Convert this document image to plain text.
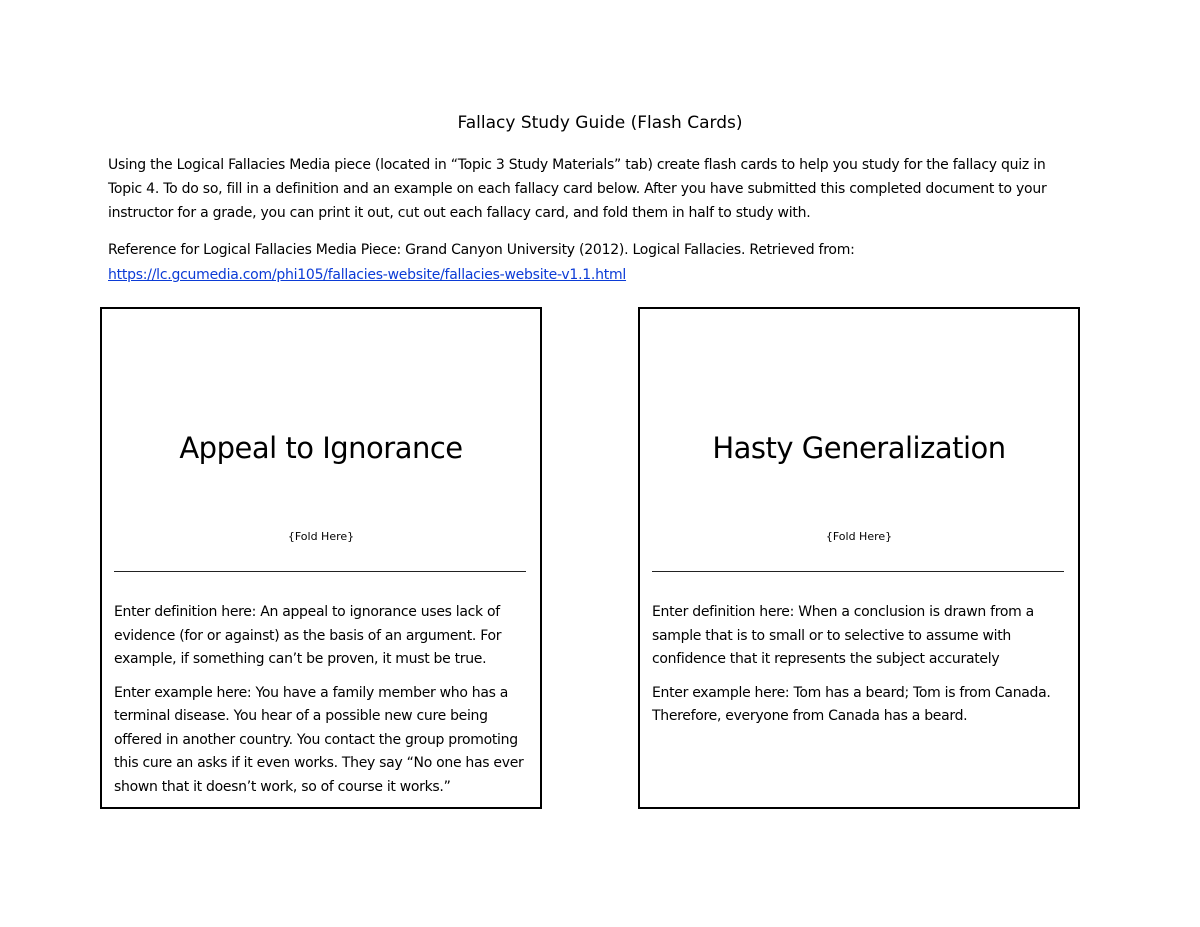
Fallacy Study Guide (Flash Cards)

Using the Logical Fallacies Media piece (located in “Topic 3 Study Materials” tab) create flash cards to help you study for the fallacy quiz in Topic 4. To do so, fill in a definition and an example on each fallacy card below. After you have submitted this completed document to your instructor for a grade, you can print it out, cut out each fallacy card, and fold them in half to study with.

Reference for Logical Fallacies Media Piece: Grand Canyon University (2012). Logical Fallacies. Retrieved from:
https://lc.gcumedia.com/phi105/fallacies-website/fallacies-website-v1.1.html
Appeal to Ignorance
{Fold Here}

Enter definition here: An appeal to ignorance uses lack of evidence (for or against) as the basis of an argument. For example, if something can’t be proven, it must be true.

Enter example here: You have a family member who has a terminal disease. You hear of a possible new cure being offered in another country. You contact the group promoting this cure an asks if it even works. They say “No one has ever shown that it doesn’t work, so of course it works.”

Hasty Generalization
{Fold Here}

Enter definition here: When a conclusion is drawn from a sample that is to small or to selective to assume with confidence that it represents the subject accurately

Enter example here: Tom has a beard; Tom is from Canada. Therefore, everyone from Canada has a beard.
